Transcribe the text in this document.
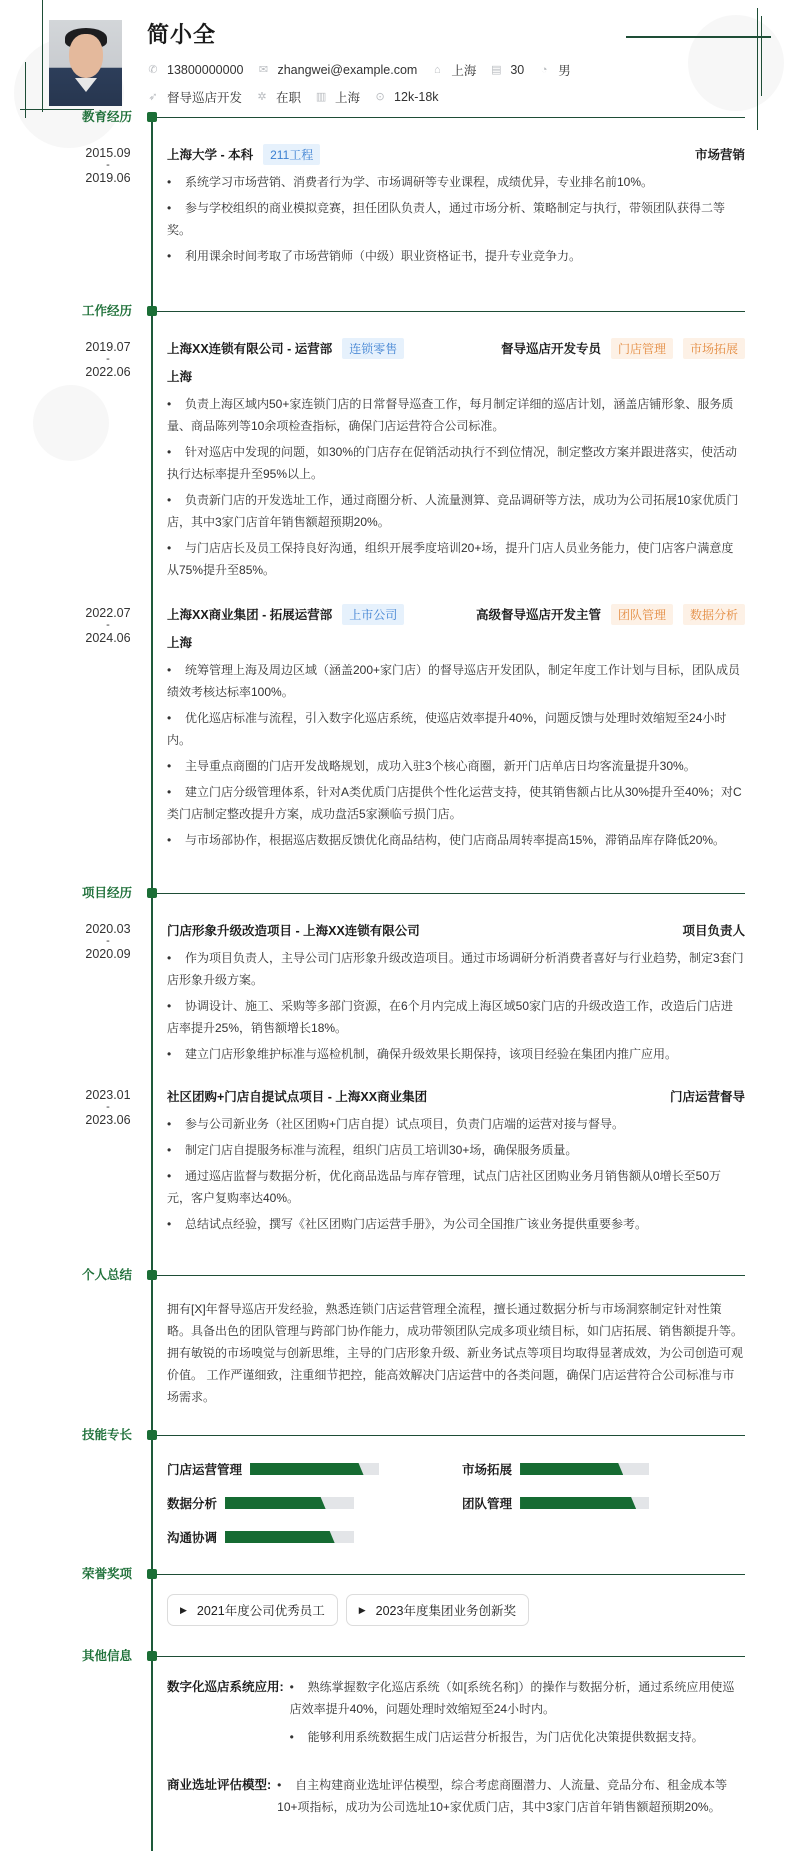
简小全
✆ 13800000000 ✉ zhangwei@example.com ⌂ 上海 ▤ 30 ◔ 男
➶ 督导巡店开发 ✲ 在职 ▥ 上海 ⊙ 12k-18k
教育经历
2015.09
-
2019.06
上海大学 - 本科	211工程	市场营销
• 系统学习市场营销、消费者行为学、市场调研等专业课程，成绩优异，专业排名前10%。
• 参与学校组织的商业模拟竞赛，担任团队负责人，通过市场分析、策略制定与执行，带领团队获得二等奖。
• 利用课余时间考取了市场营销师（中级）职业资格证书，提升专业竞争力。
工作经历
2019.07
-
2022.06
上海XX连锁有限公司 - 运营部	连锁零售	督导巡店开发专员	门店管理	市场拓展
上海
• 负责上海区域内50+家连锁门店的日常督导巡查工作，每月制定详细的巡店计划，涵盖店铺形象、服务质量、商品陈列等10余项检查指标，确保门店运营符合公司标准。
• 针对巡店中发现的问题，如30%的门店存在促销活动执行不到位情况，制定整改方案并跟进落实，使活动执行达标率提升至95%以上。
• 负责新门店的开发选址工作，通过商圈分析、人流量测算、竞品调研等方法，成功为公司拓展10家优质门店，其中3家门店首年销售额超预期20%。
• 与门店店长及员工保持良好沟通，组织开展季度培训20+场，提升门店人员业务能力，使门店客户满意度从75%提升至85%。
2022.07
-
2024.06
上海XX商业集团 - 拓展运营部	上市公司	高级督导巡店开发主管	团队管理	数据分析
上海
• 统筹管理上海及周边区域（涵盖200+家门店）的督导巡店开发团队，制定年度工作计划与目标，团队成员绩效考核达标率100%。
• 优化巡店标准与流程，引入数字化巡店系统，使巡店效率提升40%，问题反馈与处理时效缩短至24小时内。
• 主导重点商圈的门店开发战略规划，成功入驻3个核心商圈，新开门店单店日均客流量提升30%。
• 建立门店分级管理体系，针对A类优质门店提供个性化运营支持，使其销售额占比从30%提升至40%；对C类门店制定整改提升方案，成功盘活5家濒临亏损门店。
• 与市场部协作，根据巡店数据反馈优化商品结构，使门店商品周转率提高15%，滞销品库存降低20%。
项目经历
2020.03
-
2020.09
门店形象升级改造项目 - 上海XX连锁有限公司	项目负责人
• 作为项目负责人，主导公司门店形象升级改造项目。通过市场调研分析消费者喜好与行业趋势，制定3套门店形象升级方案。
• 协调设计、施工、采购等多部门资源，在6个月内完成上海区域50家门店的升级改造工作，改造后门店进店率提升25%，销售额增长18%。
• 建立门店形象维护标准与巡检机制，确保升级效果长期保持，该项目经验在集团内推广应用。
2023.01
-
2023.06
社区团购+门店自提试点项目 - 上海XX商业集团	门店运营督导
• 参与公司新业务（社区团购+门店自提）试点项目，负责门店端的运营对接与督导。
• 制定门店自提服务标准与流程，组织门店员工培训30+场，确保服务质量。
• 通过巡店监督与数据分析，优化商品选品与库存管理，试点门店社区团购业务月销售额从0增长至50万元，客户复购率达40%。
• 总结试点经验，撰写《社区团购门店运营手册》，为公司全国推广该业务提供重要参考。
个人总结
拥有[X]年督导巡店开发经验，熟悉连锁门店运营管理全流程，擅长通过数据分析与市场洞察制定针对性策略。具备出色的团队管理与跨部门协作能力，成功带领团队完成多项业绩目标，如门店拓展、销售额提升等。拥有敏锐的市场嗅觉与创新思维，主导的门店形象升级、新业务试点等项目均取得显著成效，为公司创造可观价值。 工作严谨细致，注重细节把控，能高效解决门店运营中的各类问题，确保门店运营符合公司标准与市场需求。
技能专长
门店运营管理	市场拓展
数据分析	团队管理
沟通协调
荣誉奖项
▶ 2021年度公司优秀员工	▶ 2023年度集团业务创新奖
其他信息
数字化巡店系统应用:	• 熟练掌握数字化巡店系统（如[系统名称]）的操作与数据分析，通过系统应用使巡店效率提升40%，问题处理时效缩短至24小时内。
• 能够利用系统数据生成门店运营分析报告，为门店优化决策提供数据支持。
商业选址评估模型:	• 自主构建商业选址评估模型，综合考虑商圈潜力、人流量、竞品分布、租金成本等10+项指标，成功为公司选址10+家优质门店，其中3家门店首年销售额超预期20%。
